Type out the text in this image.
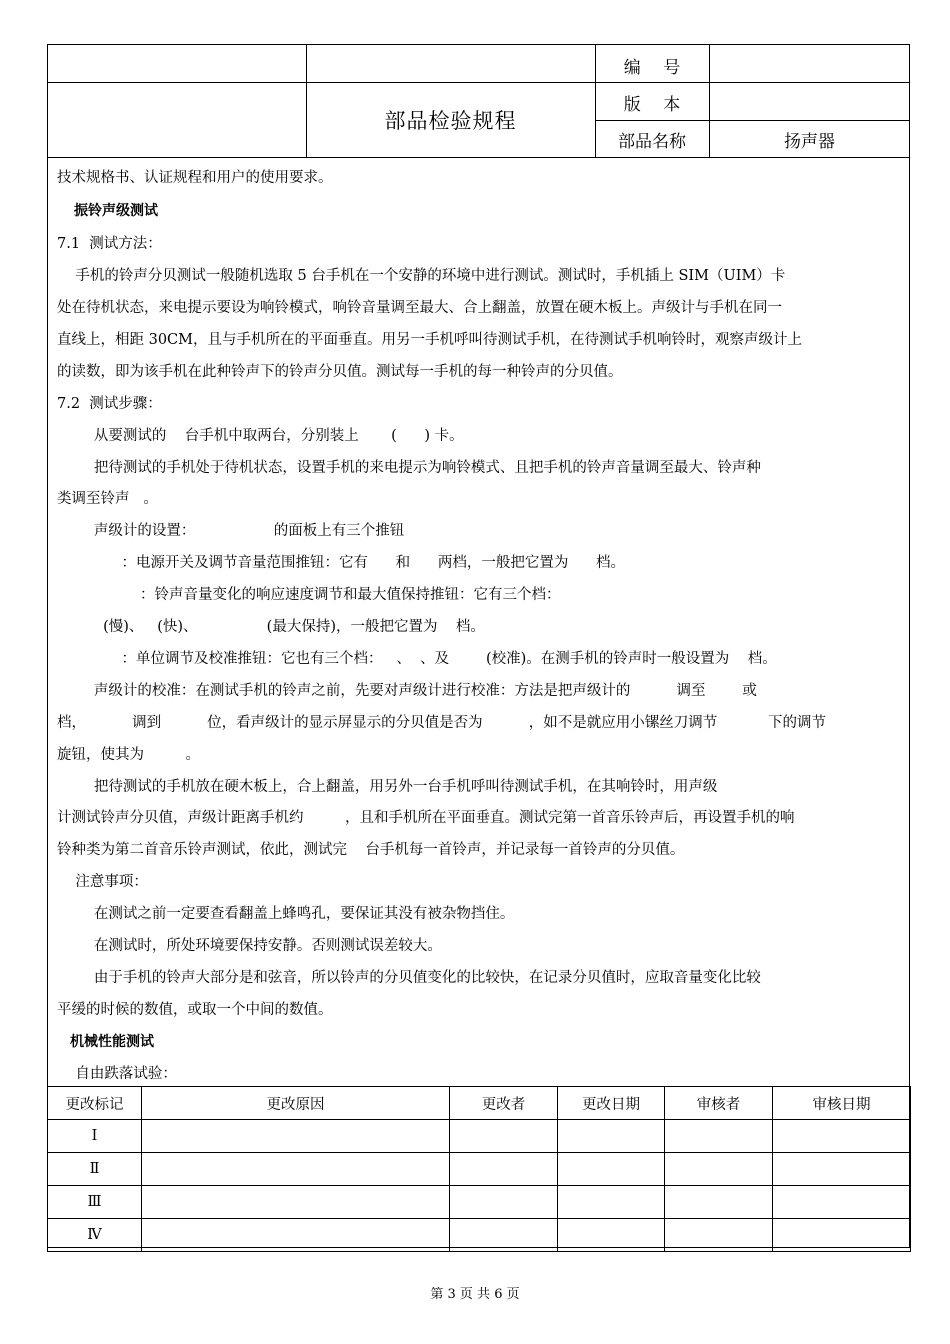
部品检验规程
编　 号
版　 本
部品名称	扬声器
技术规格书、认证规程和用户的使用要求。
振铃声级测试
7.1  测试方法：
手机的铃声分贝测试一般随机选取 5 台手机在一个安静的环境中进行测试。测试时，手机插上 SIM（UIM）卡
处在待机状态，来电提示要设为响铃模式，响铃音量调至最大、合上翻盖，放置在硬木板上。声级计与手机在同一
直线上，相距 30CM，且与手机所在的平面垂直。用另一手机呼叫待测试手机，在待测试手机响铃时，观察声级计上
的读数，即为该手机在此种铃声下的铃声分贝值。测试每一手机的每一种铃声的分贝值。
7.2  测试步骤：
从要测试的    台手机中取两台，分别装上       (      ) 卡。
把待测试的手机处于待机状态，设置手机的来电提示为响铃模式、且把手机的铃声音量调至最大、铃声种
类调至铃声   。
声级计的设置：                 的面板上有三个推钮
：电源开关及调节音量范围推钮：它有      和      两档，一般把它置为      档。
：铃声音量变化的响应速度调节和最大值保持推钮：它有三个档：
(慢)、   (快)、               (最大保持)，一般把它置为    档。
：单位调节及校准推钮：它也有三个档：   、  、及        (校准)。在测手机的铃声时一般设置为    档。
声级计的校准：在测试手机的铃声之前，先要对声级计进行校准：方法是把声级计的          调至        或
档，          调到          位，看声级计的显示屏显示的分贝值是否为          ，如不是就应用小镙丝刀调节           下的调节
旋钮，使其为         。
把待测试的手机放在硬木板上，合上翻盖，用另外一台手机呼叫待测试手机，在其响铃时，用声级
计测试铃声分贝值，声级计距离手机约         ，且和手机所在平面垂直。测试完第一首音乐铃声后，再设置手机的响
铃种类为第二首音乐铃声测试，依此，测试完    台手机每一首铃声，并记录每一首铃声的分贝值。
注意事项：
在测试之前一定要查看翻盖上蜂鸣孔，要保证其没有被杂物挡住。
在测试时，所处环境要保持安静。否则测试误差较大。
由于手机的铃声大部分是和弦音，所以铃声的分贝值变化的比较快，在记录分贝值时，应取音量变化比较
平缓的时候的数值，或取一个中间的数值。
机械性能测试
自由跌落试验：
更改标记	更改原因	更改者	更改日期	审核者	审核日期
Ⅰ					
Ⅱ					
Ⅲ					
Ⅳ					
第 3 页 共 6 页
